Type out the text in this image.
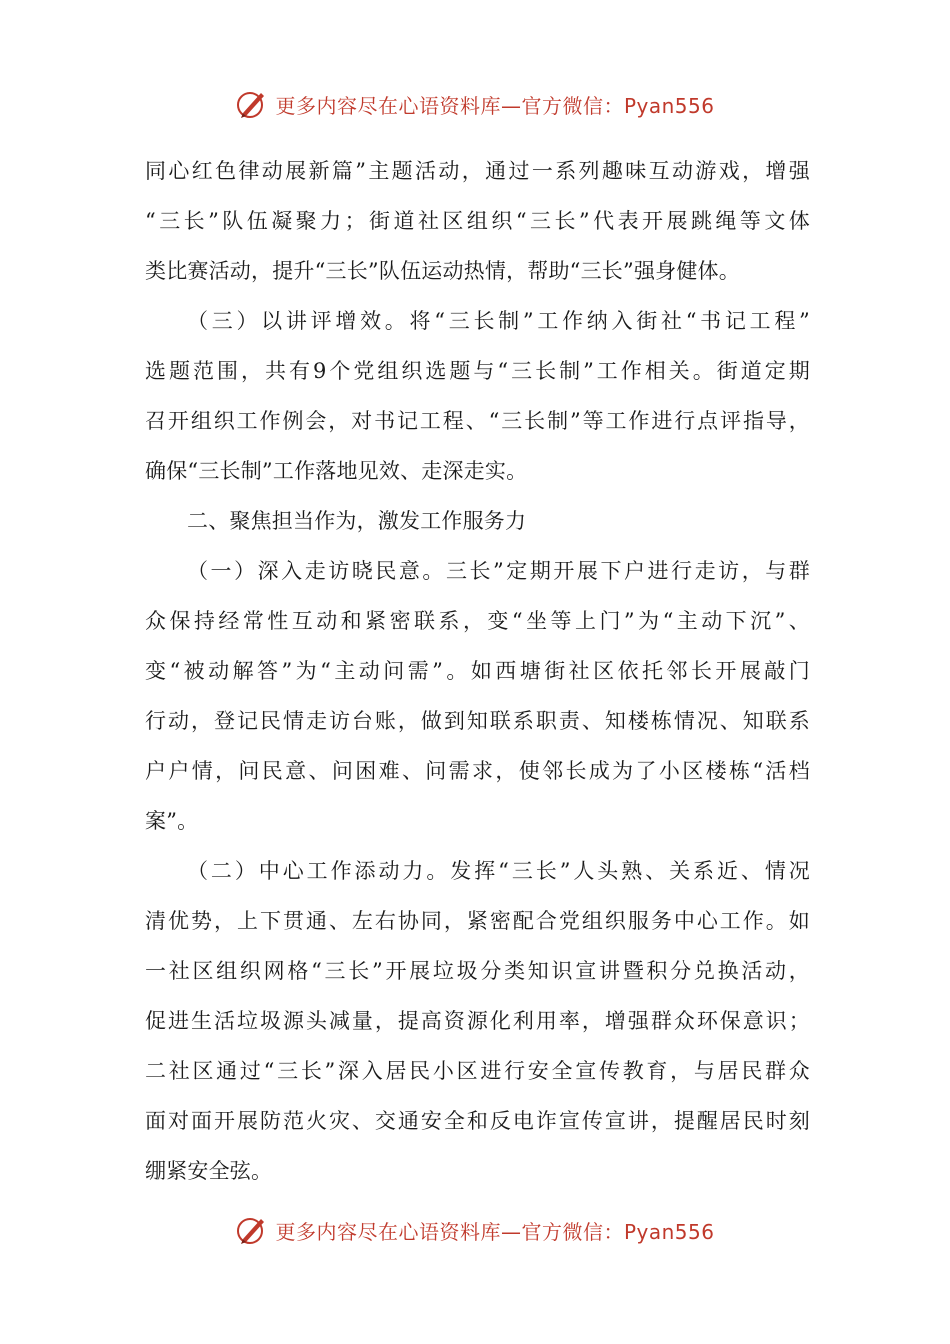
更多内容尽在心语资料库—官方微信：Pyan556
同心红色律动展新篇”主题活动，通过一系列趣味互动游戏，增强
“三长”队伍凝聚力；街道社区组织“三长”代表开展跳绳等文体
类比赛活动，提升“三长”队伍运动热情，帮助“三长”强身健体。
（三）以讲评增效。将“三长制”工作纳入街社“书记工程”
选题范围，共有9个党组织选题与“三长制”工作相关。街道定期
召开组织工作例会，对书记工程、“三长制”等工作进行点评指导，
确保“三长制”工作落地见效、走深走实。
二、聚焦担当作为，激发工作服务力
（一）深入走访晓民意。三长”定期开展下户进行走访，与群
众保持经常性互动和紧密联系，变“坐等上门”为“主动下沉”、
变“被动解答”为“主动问需”。如西塘街社区依托邻长开展敲门
行动，登记民情走访台账，做到知联系职责、知楼栋情况、知联系
户户情，问民意、问困难、问需求，使邻长成为了小区楼栋“活档
案”。
（二）中心工作添动力。发挥“三长”人头熟、关系近、情况
清优势，上下贯通、左右协同，紧密配合党组织服务中心工作。如
一社区组织网格“三长”开展垃圾分类知识宣讲暨积分兑换活动，
促进生活垃圾源头减量，提高资源化利用率，增强群众环保意识；
二社区通过“三长”深入居民小区进行安全宣传教育，与居民群众
面对面开展防范火灾、交通安全和反电诈宣传宣讲，提醒居民时刻
绷紧安全弦。
更多内容尽在心语资料库—官方微信：Pyan556
